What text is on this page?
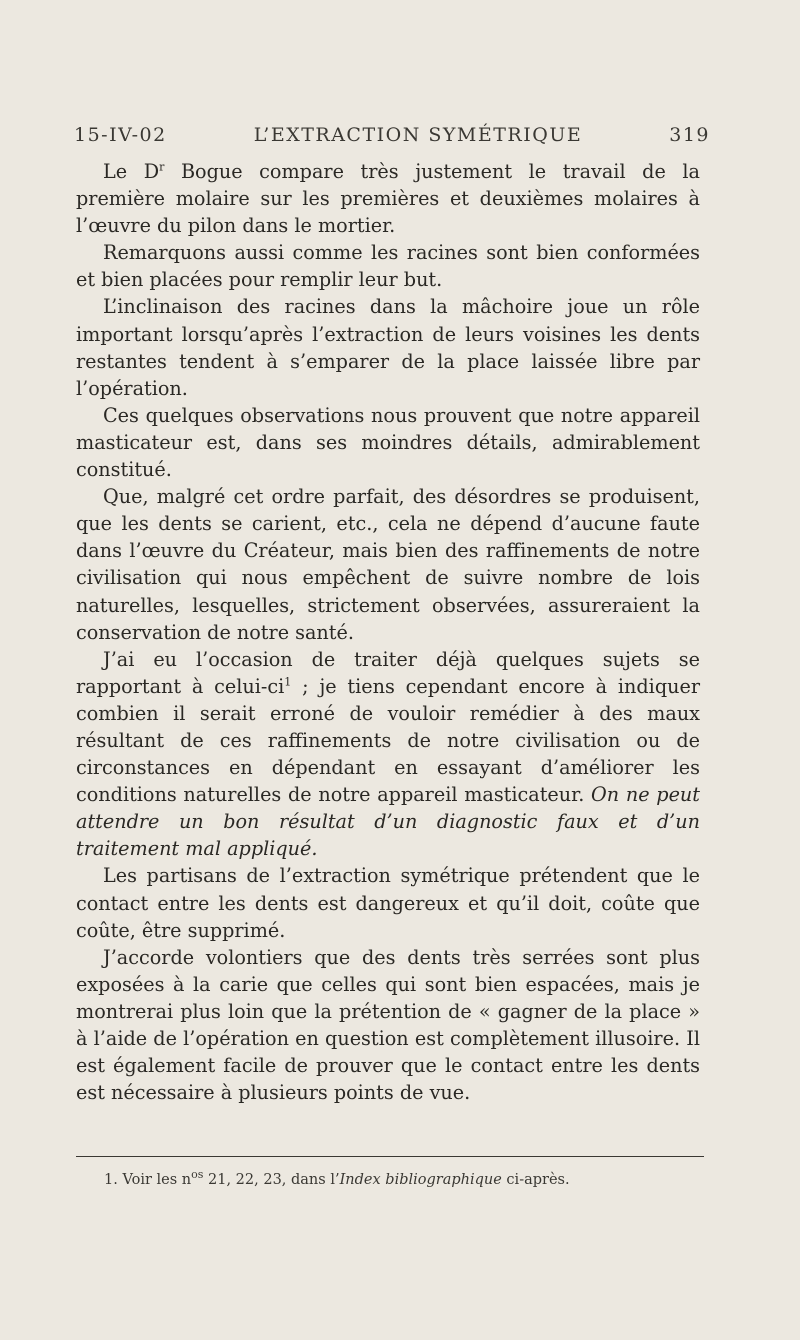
15-IV-02	L’EXTRACTION SYMÉTRIQUE	319

Le $D^r$ Bogue compare très justement le travail de la première molaire sur les premières et deuxièmes molaires à l’œuvre du pilon dans le mortier.

Remarquons aussi comme les racines sont bien conformées et bien placées pour remplir leur but.

L’inclinaison des racines dans la mâchoire joue un rôle important lorsqu’après l’extraction de leurs voisines les dents restantes tendent à s’emparer de la place laissée libre par l’opération.

Ces quelques observations nous prouvent que notre appareil masticateur est, dans ses moindres détails, admirablement constitué.

Que, malgré cet ordre parfait, des désordres se produisent, que les dents se carient, etc., cela ne dépend d’aucune faute dans l’œuvre du Créateur, mais bien des raffinements de notre civilisation qui nous empêchent de suivre nombre de lois naturelles, lesquelles, strictement observées, assureraient la conservation de notre santé.

J’ai eu l’occasion de traiter déjà quelques sujets se rapportant à celui-$ci^1$ ; je tiens cependant encore à indiquer combien il serait erroné de vouloir remédier à des maux résultant de ces raffinements de notre civilisation ou de circonstances en dépendant en essayant d’améliorer les conditions naturelles de notre appareil masticateur. On ne peut attendre un bon résultat d’un diagnostic faux et d’un traitement mal appliqué.

Les partisans de l’extraction symétrique prétendent que le contact entre les dents est dangereux et qu’il doit, coûte que coûte, être supprimé.

J’accorde volontiers que des dents très serrées sont plus exposées à la carie que celles qui sont bien espacées, mais je montrerai plus loin que la prétention de « gagner de la place » à l’aide de l’opération en question est complètement illusoire. Il est également facile de prouver que le contact entre les dents est nécessaire à plusieurs points de vue.

1. Voir les $n^{os}$ 21, 22, 23, dans l’Index bibliographique ci-après.
